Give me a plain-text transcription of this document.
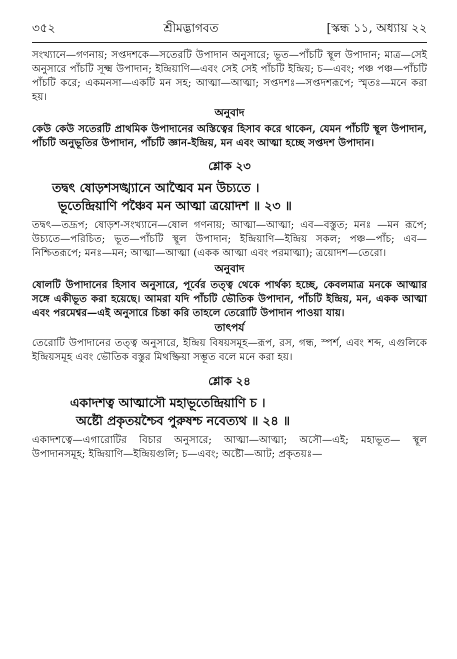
৩৫২	শ্রীমদ্ভাগবত	[স্কন্ধ ১১, অধ্যায় ২২

সংখ্যানে—গণনায়; সপ্তদশকে—সতেরটি উপাদান অনুসারে; ভূত—পাঁচটি স্থূল উপাদান; মাত্র—সেই অনুসারে পাঁচটি সূক্ষ্ম উপাদান; ইন্দ্রিয়াণি—এবং সেই সেই পাঁচটি ইন্দ্রিয়; চ—এবং; পঞ্চ পঞ্চ—পাঁচটি পাঁচটি করে; একমনসা—একটি মন সহ; আত্মা—আত্মা; সপ্তদশঃ—সপ্তদশরূপে; স্মৃতঃ—মনে করা হয়।

অনুবাদ

কেউ কেউ সতেরটি প্রাথমিক উপাদানের অস্তিত্বের হিসাব করে থাকেন, যেমন পাঁচটি স্থূল উপাদান, পাঁচটি অনুভূতির উপাদান, পাঁচটি জ্ঞান-ইন্দ্রিয়, মন এবং আত্মা হচ্ছে সপ্তদশ উপাদান।

শ্লোক ২৩
তদ্বৎ ষোড়শসঙ্খ্যানে আত্মৈব মন উচ্যতে ।
ভূতেন্দ্রিয়াণি পঞ্চৈব মন আত্মা ত্রয়োদশ ॥ ২৩ ॥

তদ্বৎ—তদ্রূপ; ষোড়শ-সংখ্যানে—ষোল গণনায়; আত্মা—আত্মা; এব—বস্তুত; মনঃ —মন রূপে; উচ্যতে—পরিচিত; ভূত—পাঁচটি স্থূল উপাদান; ইন্দ্রিয়াণি—ইন্দ্রিয় সকল; পঞ্চ—পাঁচ; এব—নিশ্চিতরূপে; মনঃ—মন; আত্মা—আত্মা (একক আত্মা এবং পরমাত্মা); ত্রয়োদশ—তেরো।

অনুবাদ

ষোলটি উপাদানের হিসাব অনুসারে, পূর্বের তত্ত্ব থেকে পার্থক্য হচ্ছে, কেবলমাত্র মনকে আত্মার সঙ্গে একীভূত করা হয়েছে। আমরা যদি পাঁচটি ভৌতিক উপাদান, পাঁচটি ইন্দ্রিয়, মন, একক আত্মা এবং পরমেশ্বর—এই অনুসারে চিন্তা করি তাহলে তেরোটি উপাদান পাওয়া যায়।

তাৎপর্য

তেরোটি উপাদানের তত্ত্ব অনুসারে, ইন্দ্রিয় বিষয়সমূহ—রূপ, রস, গন্ধ, স্পর্শ, এবং শব্দ, এগুলিকে ইন্দ্রিয়সমূহ এবং ভৌতিক বস্তুর মিথষ্ক্রিয়া সম্ভূত বলে মনে করা হয়।

শ্লোক ২৪
একাদশত্ব আত্মাসৌ মহাভূতেন্দ্রিয়াণি চ ।
অষ্টৌ প্রকৃতয়শ্চৈব পুরুষশ্চ নবেত্যথ ॥ ২৪ ॥

একাদশত্বে—এগারোটির বিচার অনুসারে; আত্মা—আত্মা; অসৌ—এই; মহাভূত— স্থূল উপাদানসমূহ; ইন্দ্রিয়াণি—ইন্দ্রিয়গুলি; চ—এবং; অষ্টৌ—আট; প্রকৃতয়ঃ—
